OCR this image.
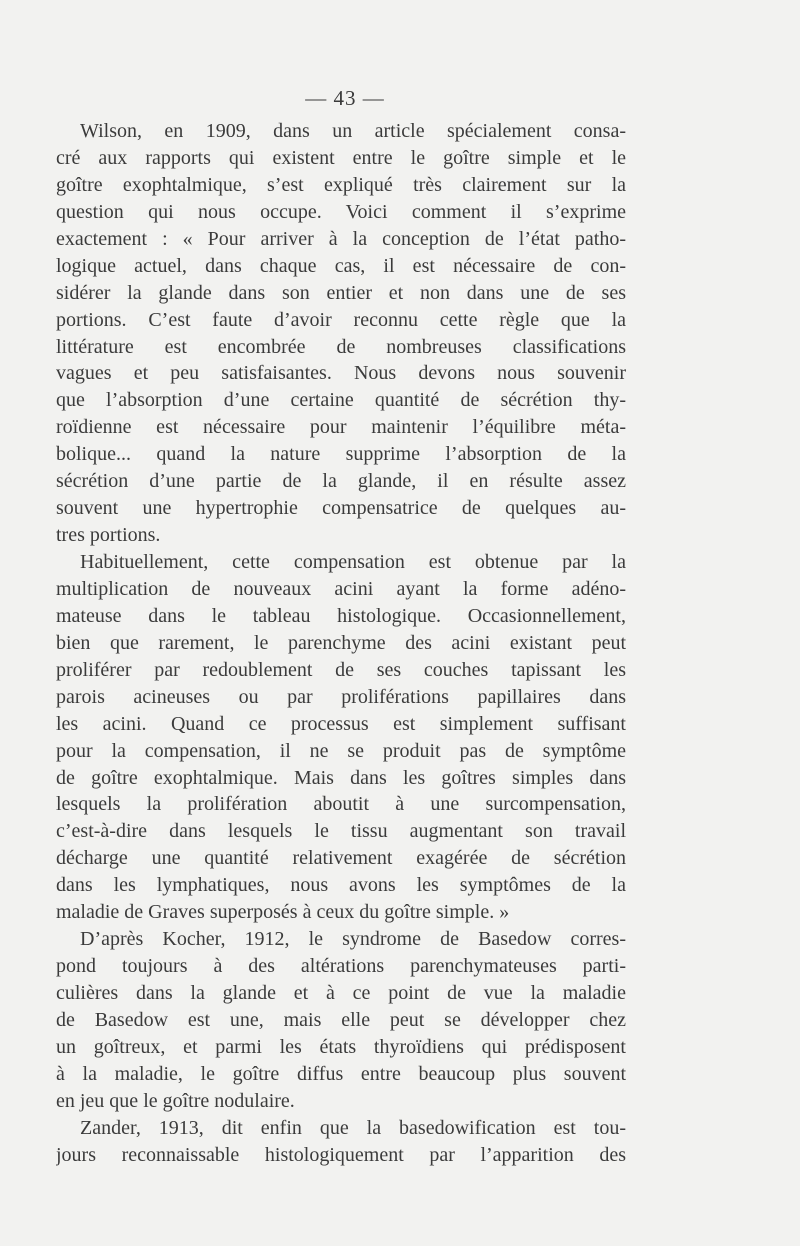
— 43 —
Wilson, en 1909, dans un article spécialement consa-
cré aux rapports qui existent entre le goître simple et le
goître exophtalmique, s’est expliqué très clairement sur la
question qui nous occupe. Voici comment il s’exprime
exactement : « Pour arriver à la conception de l’état patho-
logique actuel, dans chaque cas, il est nécessaire de con-
sidérer la glande dans son entier et non dans une de ses
portions. C’est faute d’avoir reconnu cette règle que la
littérature est encombrée de nombreuses classifications
vagues et peu satisfaisantes. Nous devons nous souvenir
que l’absorption d’une certaine quantité de sécrétion thy-
roïdienne est nécessaire pour maintenir l’équilibre méta-
bolique... quand la nature supprime l’absorption de la
sécrétion d’une partie de la glande, il en résulte assez
souvent une hypertrophie compensatrice de quelques au-
tres portions.
Habituellement, cette compensation est obtenue par la
multiplication de nouveaux acini ayant la forme adéno-
mateuse dans le tableau histologique. Occasionnellement,
bien que rarement, le parenchyme des acini existant peut
proliférer par redoublement de ses couches tapissant les
parois acineuses ou par proliférations papillaires dans
les acini. Quand ce processus est simplement suffisant
pour la compensation, il ne se produit pas de symptôme
de goître exophtalmique. Mais dans les goîtres simples dans
lesquels la prolifération aboutit à une surcompensation,
c’est-à-dire dans lesquels le tissu augmentant son travail
décharge une quantité relativement exagérée de sécrétion
dans les lymphatiques, nous avons les symptômes de la
maladie de Graves superposés à ceux du goître simple. »
D’après Kocher, 1912, le syndrome de Basedow corres-
pond toujours à des altérations parenchymateuses parti-
culières dans la glande et à ce point de vue la maladie
de Basedow est une, mais elle peut se développer chez
un goîtreux, et parmi les états thyroïdiens qui prédisposent
à la maladie, le goître diffus entre beaucoup plus souvent
en jeu que le goître nodulaire.
Zander, 1913, dit enfin que la basedowification est tou-
jours reconnaissable histologiquement par l’apparition des
